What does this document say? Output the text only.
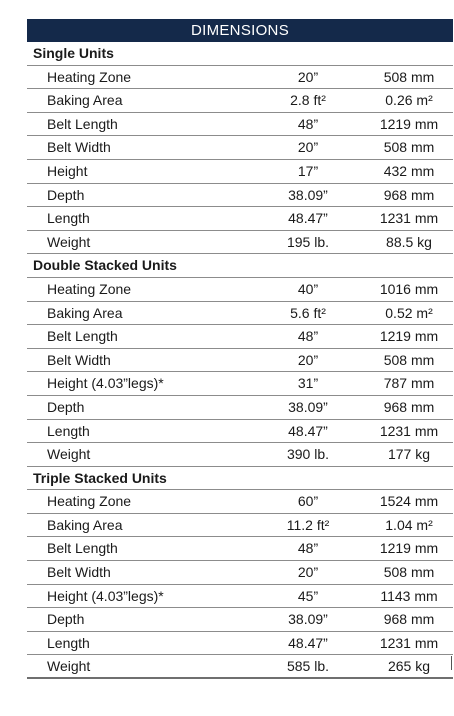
DIMENSIONS
Single Units
Heating Zone	20”	508 mm
Baking Area	2.8 ft²	0.26 m²
Belt Length	48”	1219 mm
Belt Width	20”	508 mm
Height	17”	432 mm
Depth	38.09”	968 mm
Length	48.47”	1231 mm
Weight	195 lb.	88.5 kg
Double Stacked Units
Heating Zone	40”	1016 mm
Baking Area	5.6 ft²	0.52 m²
Belt Length	48”	1219 mm
Belt Width	20”	508 mm
Height (4.03”legs)*	31”	787 mm
Depth	38.09”	968 mm
Length	48.47”	1231 mm
Weight	390 lb.	177 kg
Triple Stacked Units
Heating Zone	60”	1524 mm
Baking Area	11.2 ft²	1.04 m²
Belt Length	48”	1219 mm
Belt Width	20”	508 mm
Height (4.03”legs)*	45”	1143 mm
Depth	38.09”	968 mm
Length	48.47”	1231 mm
Weight	585 lb.	265 kg
